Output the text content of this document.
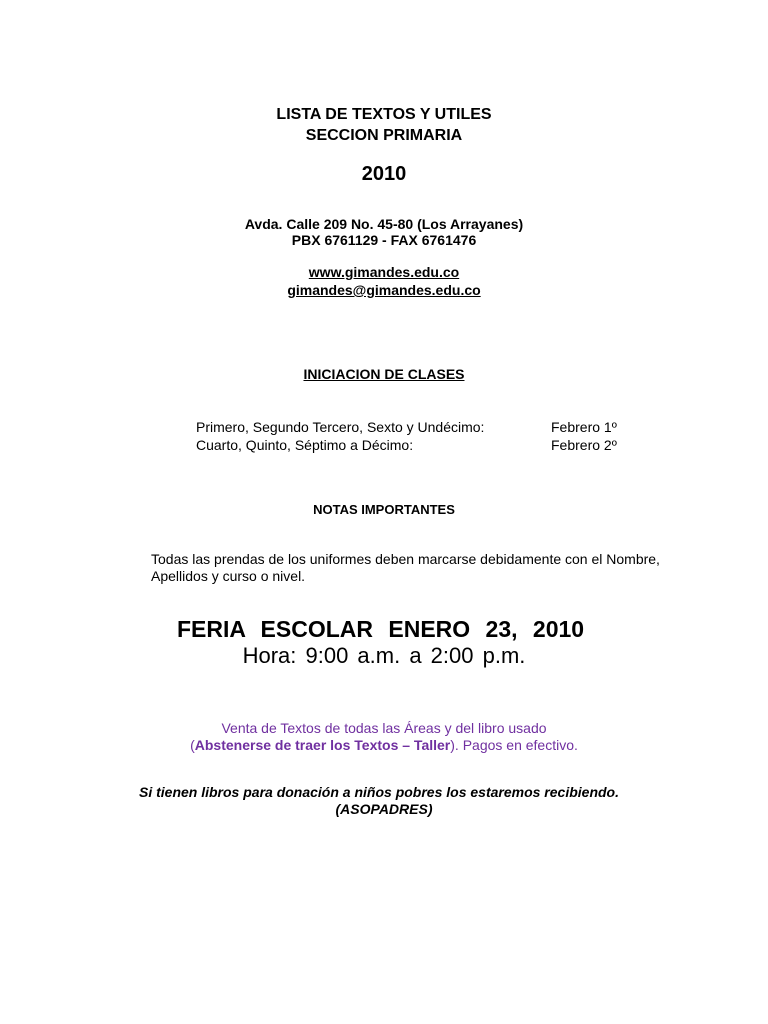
LISTA DE TEXTOS Y UTILES
SECCION PRIMARIA
2010
Avda. Calle 209 No. 45-80 (Los Arrayanes)
PBX 6761129 - FAX 6761476
www.gimandes.edu.co
gimandes@gimandes.edu.co
INICIACION DE CLASES
Primero, Segundo Tercero, Sexto y Undécimo:	Febrero 1º
Cuarto, Quinto, Séptimo a Décimo:	Febrero 2º
NOTAS IMPORTANTES
Todas las prendas de los uniformes deben marcarse debidamente con el Nombre,
Apellidos y curso o nivel.
FERIA ESCOLAR ENERO 23, 2010
Hora: 9:00 a.m. a 2:00 p.m.
Venta de Textos de todas las Áreas y del libro usado
(Abstenerse de traer los Textos – Taller). Pagos en efectivo.
Si tienen libros para donación a niños pobres los estaremos recibiendo.
(ASOPADRES)
